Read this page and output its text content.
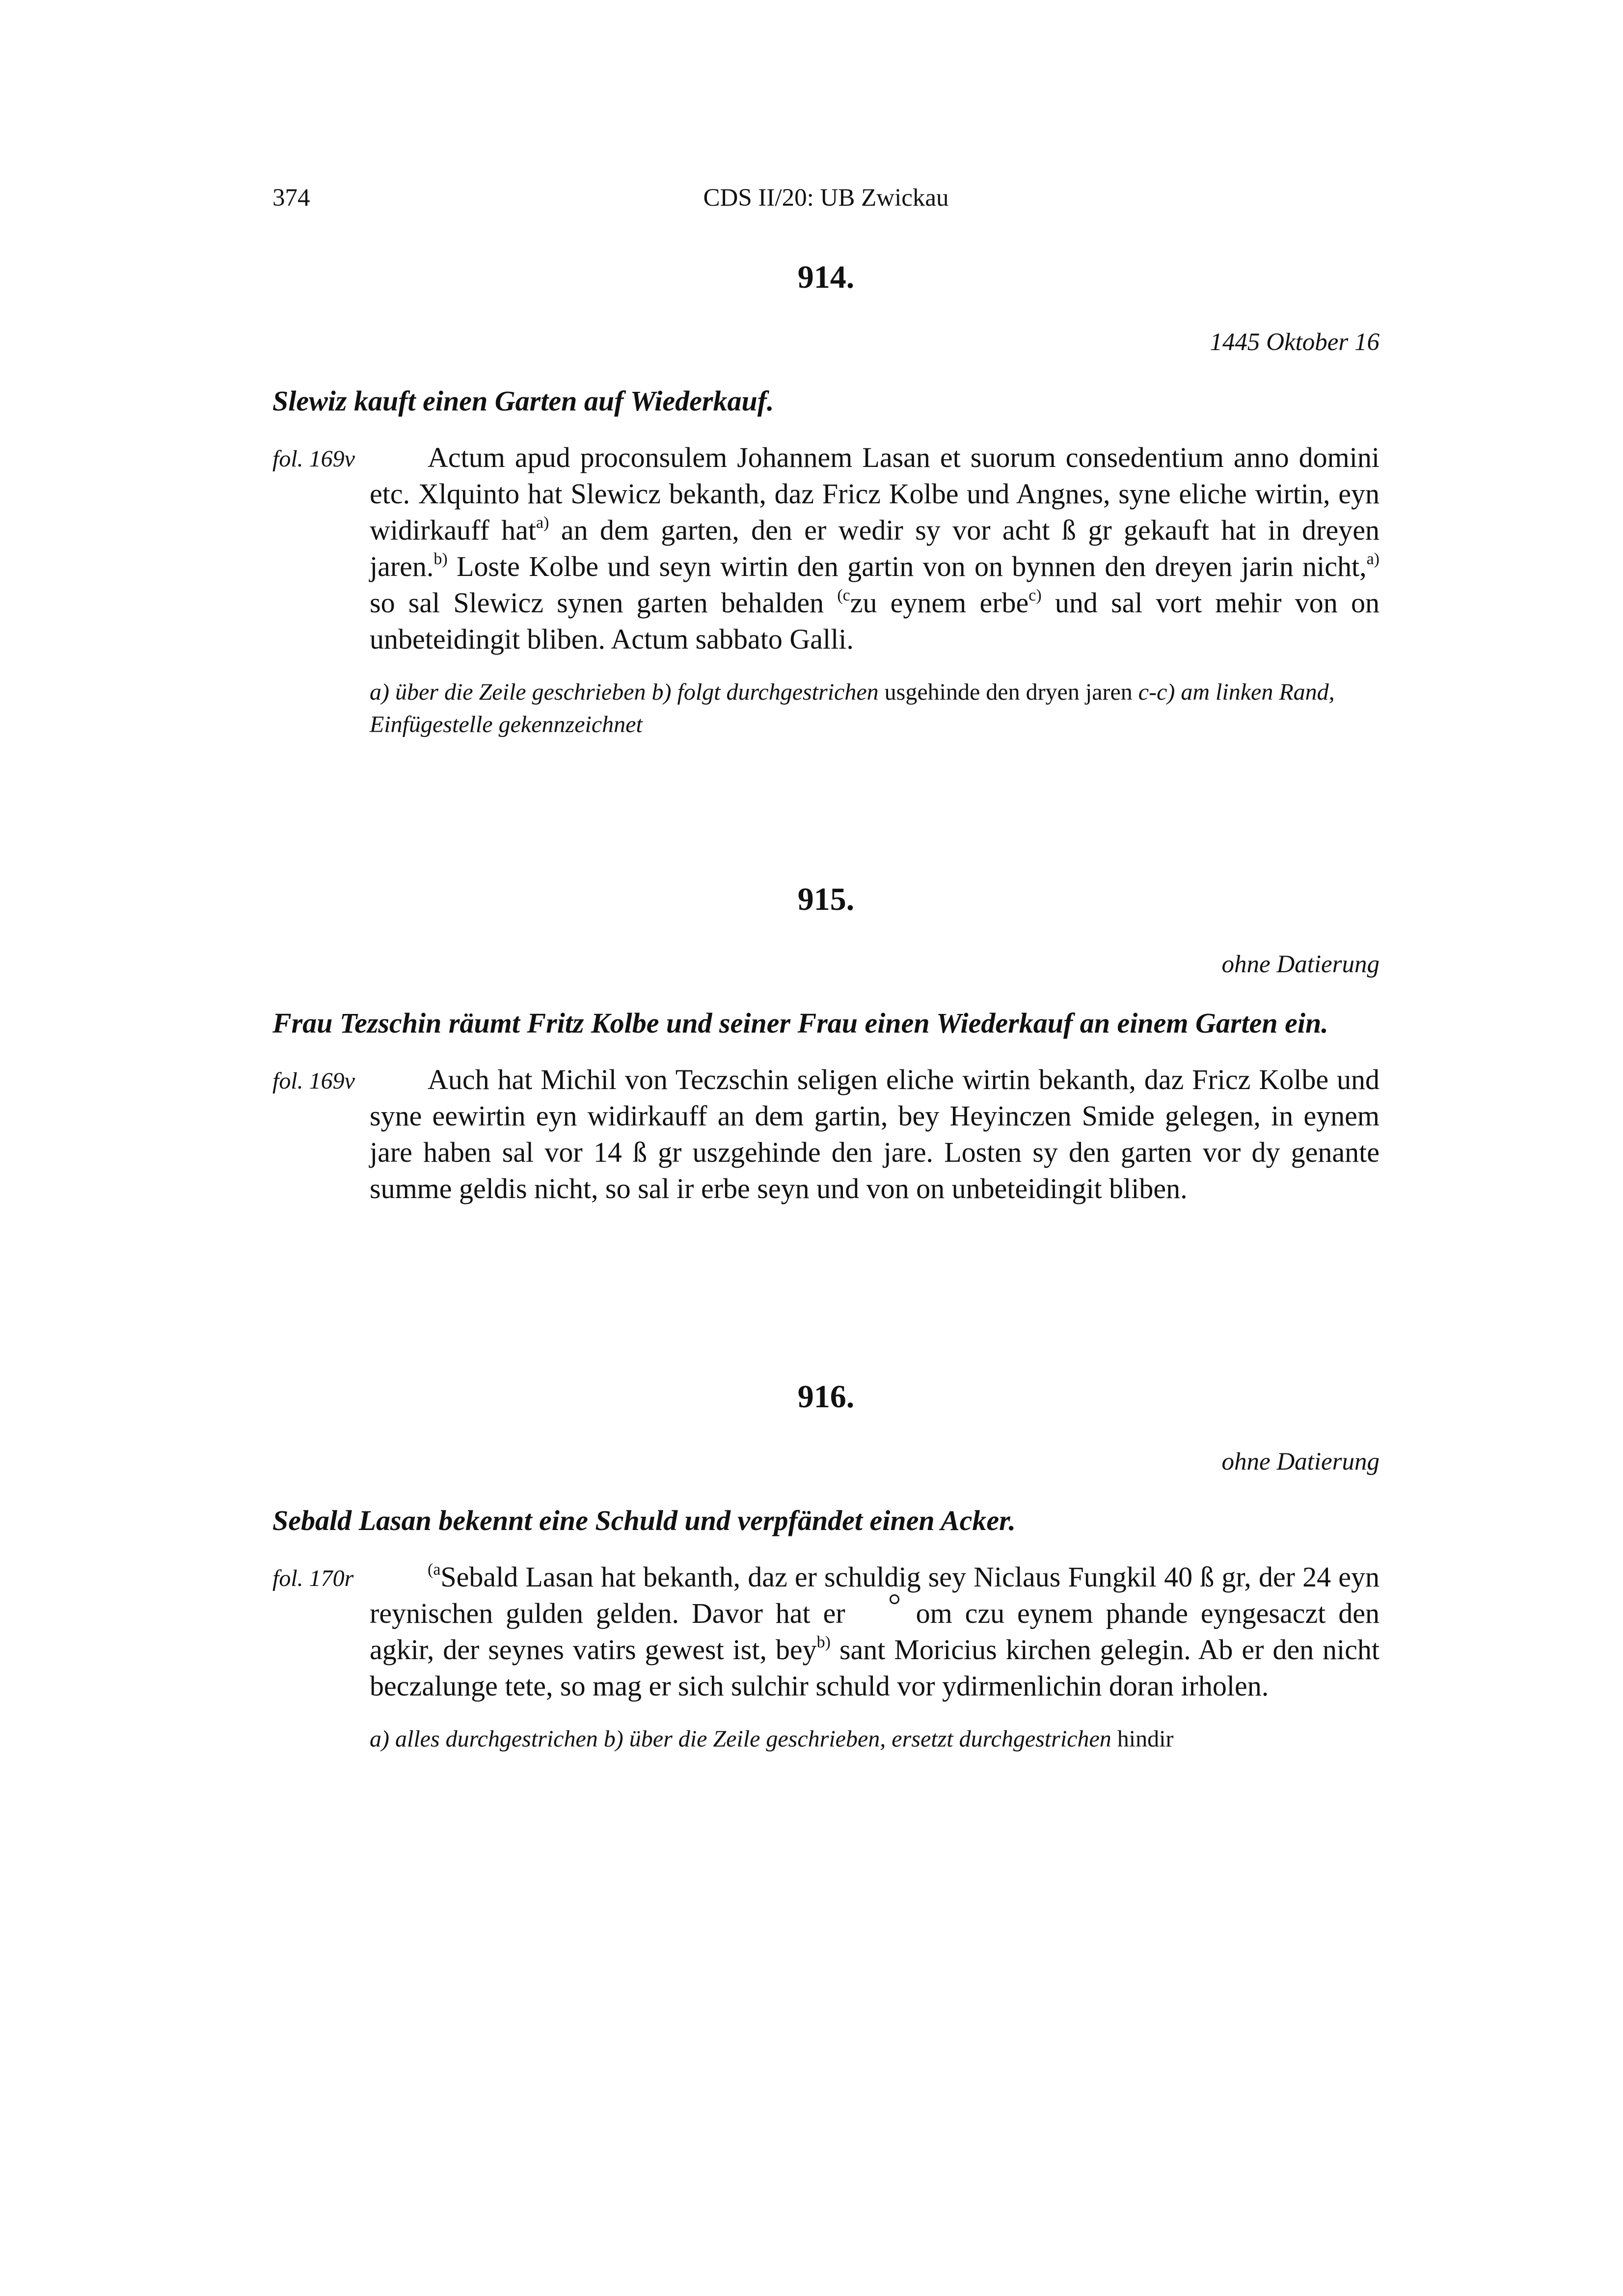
374	CDS II/20: UB Zwickau
914.
1445 Oktober 16
Slewiz kauft einen Garten auf Wiederkauf.
fol. 169v	Actum apud proconsulem Johannem Lasan et suorum consedentium anno domini etc. Xlquinto hat Slewicz bekanth, daz Fricz Kolbe und Angnes, syne eliche wirtin, eyn widirkauff hat$^{a)}$ an dem garten, den er wedir sy vor acht ß gr gekauft hat in dreyen jaren.$^{b)}$ Loste Kolbe und seyn wirtin den gartin von on bynnen den dreyen jarin nicht,$^{a)}$ so sal Slewicz synen garten behalden $^{(c}$zu eynem erbe$^{c)}$ und sal vort mehir von on unbeteidingit bliben. Actum sabbato Galli.

a) über die Zeile geschrieben b) folgt durchgestrichen usgehinde den dryen jaren c-c) am linken Rand, Einfügestelle gekennzeichnet
915.
ohne Datierung
Frau Tezschin räumt Fritz Kolbe und seiner Frau einen Wiederkauf an einem Garten ein.
fol. 169v	Auch hat Michil von Teczschin seligen eliche wirtin bekanth, daz Fricz Kolbe und syne eewirtin eyn widirkauff an dem gartin, bey Heyinczen Smide gelegen, in eynem jare haben sal vor 14 ß gr uszgehinde den jare. Losten sy den garten vor dy genante summe geldis nicht, so sal ir erbe seyn und von on unbeteidingit bliben.

916.
ohne Datierung
Sebald Lasan bekennt eine Schuld und verpfändet einen Acker.
fol. 170r	$^{(a}$Sebald Lasan hat bekanth, daz er schuldig sey Niclaus Fungkil 40 ß gr, der 24 eyn reynischen gulden gelden. Davor hat er om czu eynem phande eyngesaczt den agkir, der seynes vatirs gewest ist, bey$^{b)}$ sant Moricius kirchen gelegin. Ab er den nicht beczalunge tete, so mag er sich sulchir schuld vor ydirmenlichin doran irholen.

a) alles durchgestrichen b) über die Zeile geschrieben, ersetzt durchgestrichen hindir
